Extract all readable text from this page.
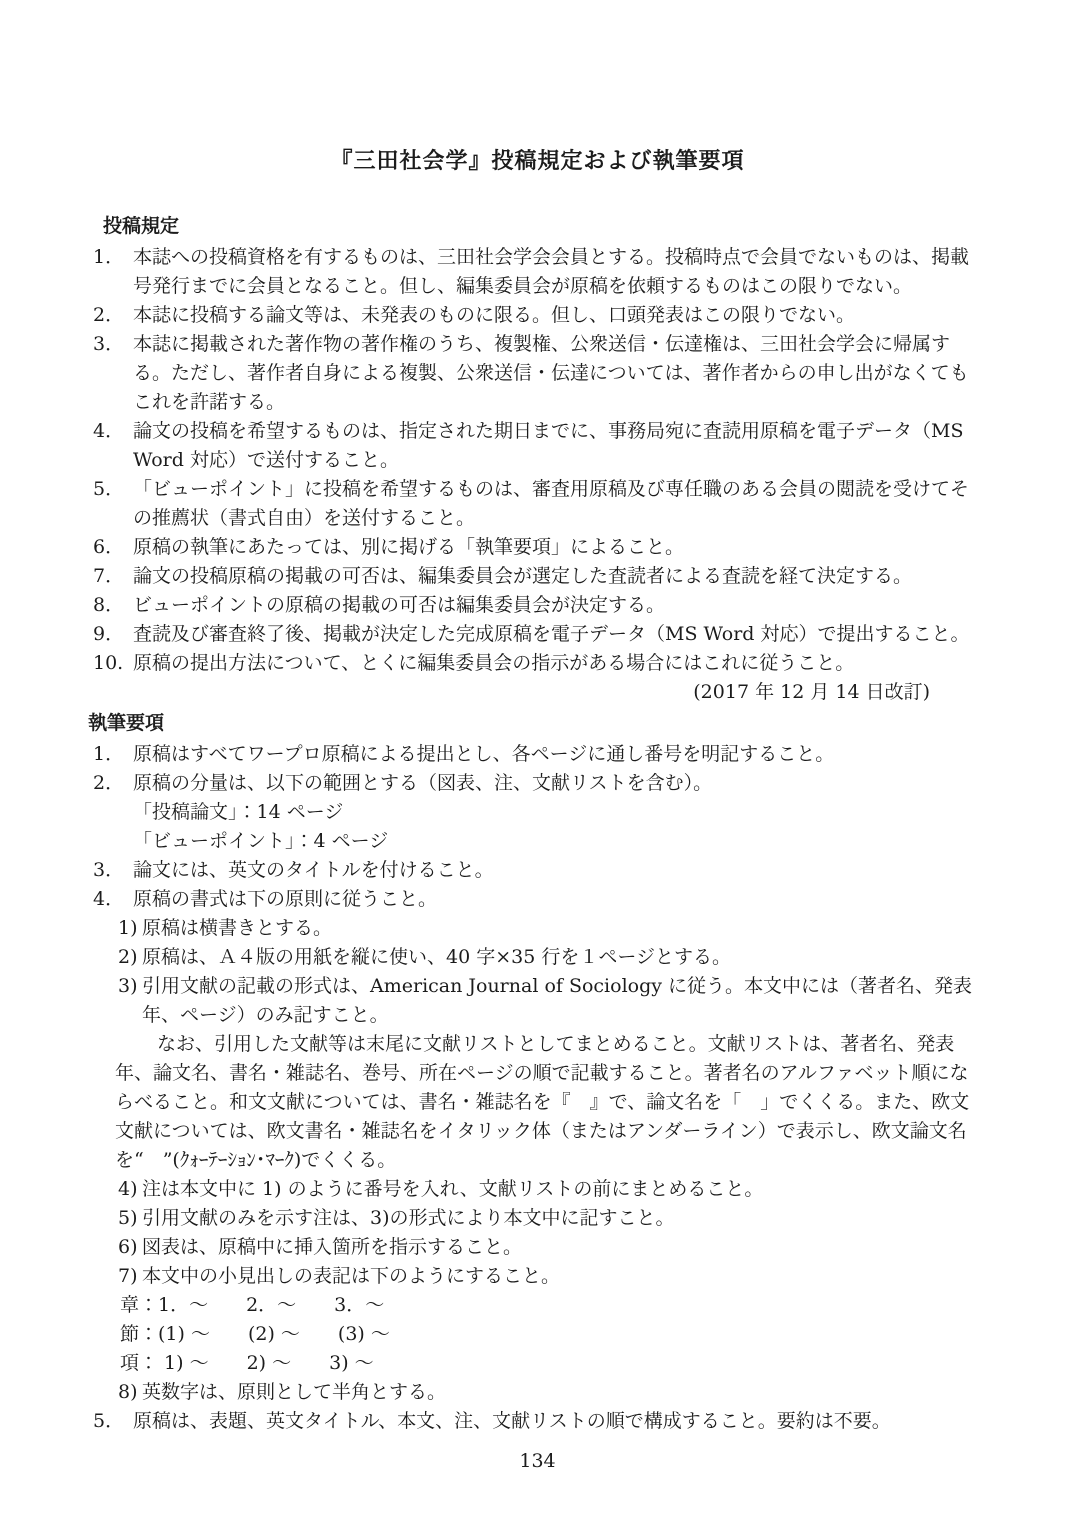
『三田社会学』投稿規定および執筆要項
投稿規定
1． 本誌への投稿資格を有するものは、三田社会学会会員とする。投稿時点で会員でないものは、掲載号発行までに会員となること。但し、編集委員会が原稿を依頼するものはこの限りでない。
2． 本誌に投稿する論文等は、未発表のものに限る。但し、口頭発表はこの限りでない。
3． 本誌に掲載された著作物の著作権のうち、複製権、公衆送信・伝達権は、三田社会学会に帰属する。ただし、著作者自身による複製、公衆送信・伝達については、著作者からの申し出がなくてもこれを許諾する。
4． 論文の投稿を希望するものは、指定された期日までに、事務局宛に査読用原稿を電子データ（MS Word 対応）で送付すること。
5． 「ビューポイント」に投稿を希望するものは、審査用原稿及び専任職のある会員の閲読を受けてその推薦状（書式自由）を送付すること。
6． 原稿の執筆にあたっては、別に掲げる「執筆要項」によること。
7． 論文の投稿原稿の掲載の可否は、編集委員会が選定した査読者による査読を経て決定する。
8． ビューポイントの原稿の掲載の可否は編集委員会が決定する。
9． 査読及び審査終了後、掲載が決定した完成原稿を電子データ（MS Word 対応）で提出すること。
10. 原稿の提出方法について、とくに編集委員会の指示がある場合にはこれに従うこと。
(2017 年 12 月 14 日改訂)
執筆要項
1． 原稿はすべてワープロ原稿による提出とし、各ページに通し番号を明記すること。
2． 原稿の分量は、以下の範囲とする（図表、注、文献リストを含む）。
「投稿論文」：14 ページ
「ビューポイント」：4 ページ
3． 論文には、英文のタイトルを付けること。
4． 原稿の書式は下の原則に従うこと。
1) 原稿は横書きとする。
2) 原稿は、Ａ４版の用紙を縦に使い、40 字×35 行を１ページとする。
3) 引用文献の記載の形式は、American Journal of Sociology に従う。本文中には（著者名、発表年、ページ）のみ記すこと。
なお、引用した文献等は末尾に文献リストとしてまとめること。文献リストは、著者名、発表年、論文名、書名・雑誌名、巻号、所在ページの順で記載すること。著者名のアルファベット順にならべること。和文文献については、書名・雑誌名を『　』で、論文名を「　」でくくる。また、欧文文献については、欧文書名・雑誌名をイタリック体（またはアンダーライン）で表示し、欧文論文名を“　”(ｸｫｰﾃｰｼｮﾝ･ﾏｰｸ)でくくる。
4) 注は本文中に 1) のように番号を入れ、文献リストの前にまとめること。
5) 引用文献のみを示す注は、3)の形式により本文中に記すこと。
6) 図表は、原稿中に挿入箇所を指示すること。
7) 本文中の小見出しの表記は下のようにすること。
章：1．～　　2．～　　3．～
節：(1) ～　　(2) ～　　(3) ～
項： 1) ～　　2) ～　　3) ～
8) 英数字は、原則として半角とする。
5． 原稿は、表題、英文タイトル、本文、注、文献リストの順で構成すること。要約は不要。
134
